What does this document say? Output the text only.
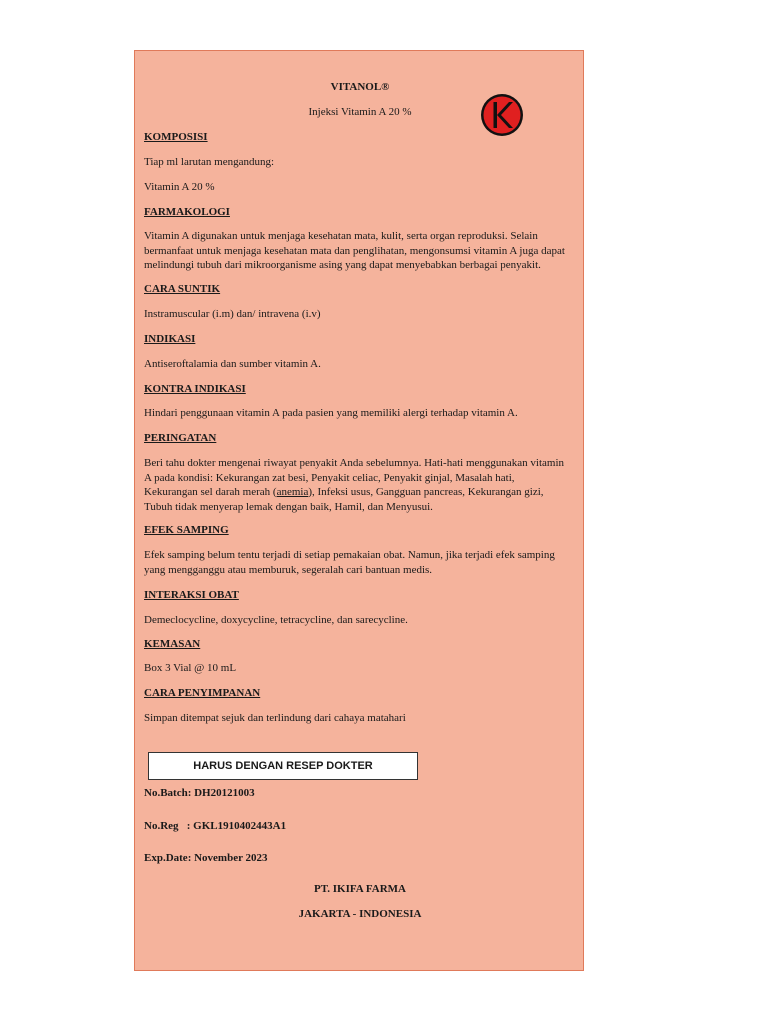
VITANOL®
Injeksi Vitamin A 20 %
KOMPOSISI
Tiap ml larutan mengandung:
Vitamin A 20 %
FARMAKOLOGI
Vitamin A digunakan untuk menjaga kesehatan mata, kulit, serta organ reproduksi. Selain
bermanfaat untuk menjaga kesehatan mata dan penglihatan, mengonsumsi vitamin A juga dapat
melindungi tubuh dari mikroorganisme asing yang dapat menyebabkan berbagai penyakit.
CARA SUNTIK
Instramuscular (i.m) dan/ intravena (i.v)
INDIKASI
Antiseroftalamia dan sumber vitamin A.
KONTRA INDIKASI
Hindari penggunaan vitamin A pada pasien yang memiliki alergi terhadap vitamin A.
PERINGATAN
Beri tahu dokter mengenai riwayat penyakit Anda sebelumnya. Hati-hati menggunakan vitamin
A pada kondisi: Kekurangan zat besi, Penyakit celiac, Penyakit ginjal, Masalah hati,
Kekurangan sel darah merah (anemia), Infeksi usus, Gangguan pancreas, Kekurangan gizi,
Tubuh tidak menyerap lemak dengan baik, Hamil, dan Menyusui.
EFEK SAMPING
Efek samping belum tentu terjadi di setiap pemakaian obat. Namun, jika terjadi efek samping
yang mengganggu atau memburuk, segeralah cari bantuan medis.
INTERAKSI OBAT
Demeclocycline, doxycycline, tetracycline, dan sarecycline.
KEMASAN
Box 3 Vial @ 10 mL
CARA PENYIMPANAN
Simpan ditempat sejuk dan terlindung dari cahaya matahari
HARUS DENGAN RESEP DOKTER
No.Batch: DH20121003
No.Reg   : GKL1910402443A1
Exp.Date: November 2023
PT. IKIFA FARMA
JAKARTA - INDONESIA
